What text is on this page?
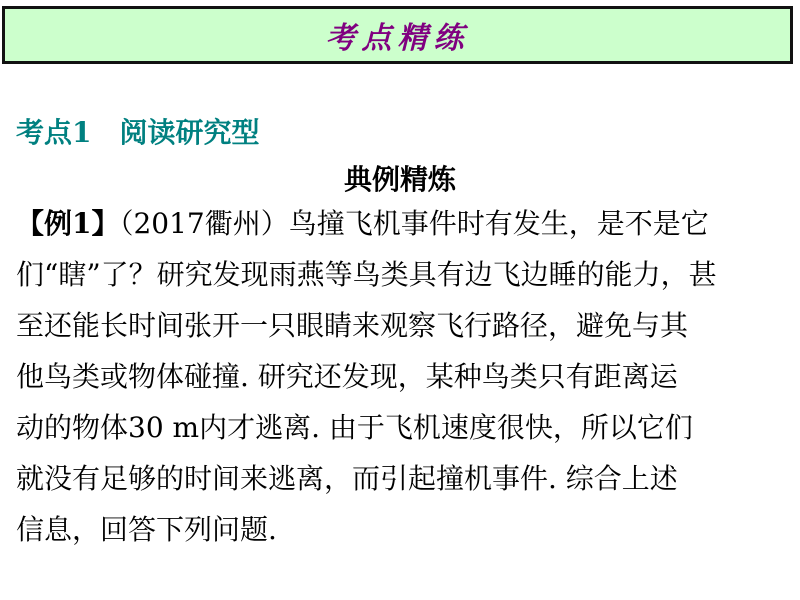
考点精练
考点1 阅读研究型
典例精炼
【例1】（2017衢州）鸟撞飞机事件时有发生，是不是它
们“瞎”了？研究发现雨燕等鸟类具有边飞边睡的能力，甚
至还能长时间张开一只眼睛来观察飞行路径，避免与其
他鸟类或物体碰撞. 研究还发现，某种鸟类只有距离运
动的物体30 m内才逃离. 由于飞机速度很快，所以它们
就没有足够的时间来逃离，而引起撞机事件. 综合上述
信息，回答下列问题.
